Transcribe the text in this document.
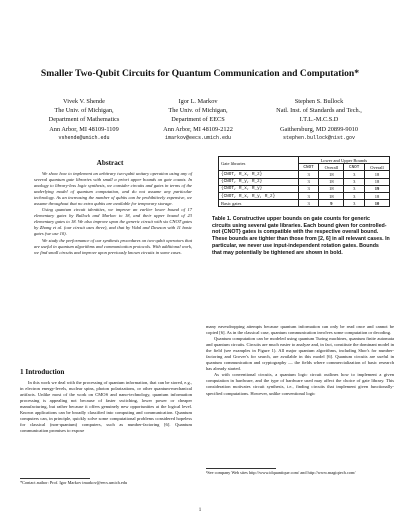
Smaller Two-Qubit Circuits for Quantum Communication and Computation*
Vivek V. Shende
The Univ. of Michigan,
Department of Mathematics
Ann Arbor, MI 48109-1109
vshende@umich.edu
Igor L. Markov
The Univ. of Michigan,
Department of EECS
Ann Arbor, MI 48109-2122
imarkov@eecs.umich.edu
Stephen S. Bullock
Natl. Inst. of Standards and Tech.,
I.T.L.-M.C.S.D
Gaithersburg, MD 20899-9010
stephen.bullock@nist.gov
Abstract

We show how to implement an arbitrary two-qubit unitary operation using any of several quantum gate libraries with small a priori upper bounds on gate counts. In analogy to library-less logic synthesis, we consider circuits and gates in terms of the underlying model of quantum computation, and do not assume any particular technology. As an increasing the number of qubits can be prohibitively expensive, we assume throughout that no extra qubits are available for temporary storage.

Using quantum circuit identities, we improve an earlier lower bound of 17 elementary gates by Bullock and Markov to 18, and their upper bound of 23 elementary gates to 18. We also improve upon the generic circuit with six CNOT gates by Zhang et al. (our circuit uses three), and that by Vidal and Dawson with 11 basic gates (we use 10).

We study the performance of our synthesis procedures on two-qubit operators that are useful in quantum algorithms and communication protocols. With additional work, we find small circuits and improve upon previously known circuits in some cases.

1 Introduction

In this work we deal with the processing of quantum information, that can be stored, e.g., in electron energy-levels, nuclear spins, photon polarizations, or other quantum-mechanical artifacts. Unlike most of the work on CMOS and nano-technology, quantum information processing is appealing not because of faster switching, lower power or cheaper manufacturing, but rather because it offers genuinely new opportunities at the logical level. Known applications can be broadly classified into computing and communication. Quantum computers can, in principle, quickly solve some computational problems considered hopeless for classical (non-quantum) computers, such as number-factoring [6]. Quantum communication promises to expose

*Contact author: Prof. Igor Markov imarkov@eecs.umich.edu
Gate libraries	Lower and Upper Bounds			
	CNOT	Overall	CNOT	Overall
{CNOT, R_x, R_z}	3	18	3	18
{CNOT, R_y, R_z}	3	18	3	18
{CNOT, R_x, R_y}	3	18	3	19
{CNOT, R_x, R_y, R_z}	3	18	3	18
Basic gates	3	9	3	10
Table 1. Constructive upper bounds on gate counts for generic circuits using several gate libraries. Each bound given for controlled-not {CNOT} gates is compatible with the respective overall bound. These bounds are tighter than those from [2, 6] in all relevant cases. In particular, we never use input-independent rotation gates. Bounds that may potentially be tightened are shown in bold.

many eavesdropping attempts because quantum information can only be read once and cannot be copied [6]. As in the classical case, quantum communication involves some computation or decoding.

Quantum computation can be modeled using quantum Turing machines, quantum finite automata and quantum circuits. Circuits are much easier to analyze and, in fact, constitute the dominant model in the field (see examples in Figure 1). All major quantum algorithms, including Shor's for number-factoring and Grover's for search, are available in this model [6]. Quantum circuits are useful in quantum communication and cryptography — the fields where commercialization of basic research has already started.

As with conventional circuits, a quantum logic circuit outlines how to implement a given computation in hardware, and the type of hardware used may affect the choice of gate library. This consideration motivates circuit synthesis, i.e., finding circuits that implement given functionally-specified computations. However, unlike conventional logic

¹See company Web sites http://www.idquantique.com/ and http://www.magiqtech.com/
1
